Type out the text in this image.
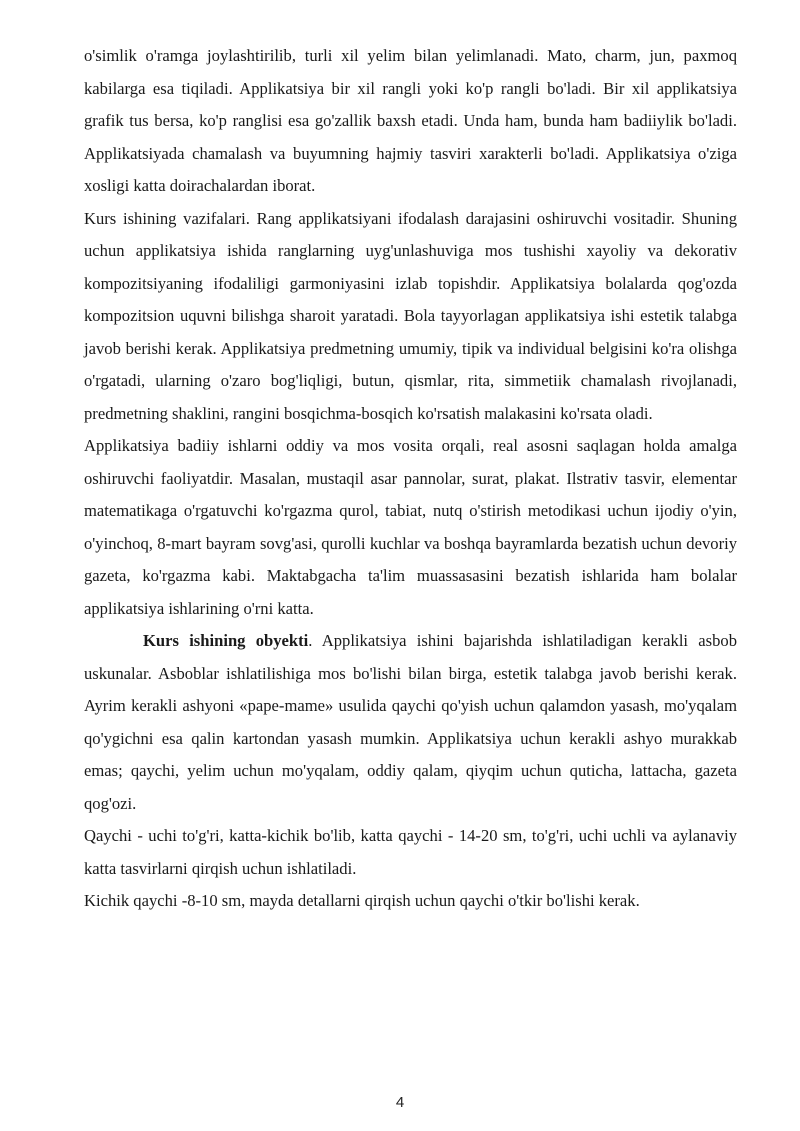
o'simlik o'ramga joylashtirilib, turli xil yelim bilan yelimlanadi. Mato, charm, jun, paxmoq kabilarga esa tiqiladi. Applikatsiya bir xil rangli yoki ko'p rangli bo'ladi. Bir xil applikatsiya grafik tus bersa, ko'p ranglisi esa go'zallik baxsh etadi. Unda ham, bunda ham badiiylik bo'ladi. Applikatsiyada chamalash va buyumning hajmiy tasviri xarakterli bo'ladi. Applikatsiya o'ziga xosligi katta doirachalardan iborat.

Kurs ishining vazifalari. Rang applikatsiyani ifodalash darajasini oshiruvchi vositadir. Shuning uchun applikatsiya ishida ranglarning uyg'unlashuviga mos tushishi xayoliy va dekorativ kompozitsiyaning ifodaliligi garmoniyasini izlab topishdir. Applikatsiya bolalarda qog'ozda kompozitsion uquvni bilishga sharoit yaratadi. Bola tayyorlagan applikatsiya ishi estetik talabga javob berishi kerak. Applikatsiya predmetning umumiy, tipik va individual belgisini ko'ra olishga o'rgatadi, ularning o'zaro bog'liqligi, butun, qismlar, rita, simmetiik chamalash rivojlanadi, predmetning shaklini, rangini bosqichma-bosqich ko'rsatish malakasini ko'rsata oladi.

Applikatsiya badiiy ishlarni oddiy va mos vosita orqali, real asosni saqlagan holda amalga oshiruvchi faoliyatdir. Masalan, mustaqil asar pannolar, surat, plakat. Ilstrativ tasvir, elementar matematikaga o'rgatuvchi ko'rgazma qurol, tabiat, nutq o'stirish metodikasi uchun ijodiy o'yin, o'yinchoq, 8-mart bayram sovg'asi, qurolli kuchlar va boshqa bayramlarda bezatish uchun devoriy gazeta, ko'rgazma kabi. Maktabgacha ta'lim muassasasini bezatish ishlarida ham bolalar applikatsiya ishlarining o'rni katta.

Kurs ishining obyekti. Applikatsiya ishini bajarishda ishlatiladigan kerakli asbob uskunalar. Asboblar ishlatilishiga mos bo'lishi bilan birga, estetik talabga javob berishi kerak. Ayrim kerakli ashyoni «pape-mame» usulida qaychi qo'yish uchun qalamdon yasash, mo'yqalam qo'ygichni esa qalin kartondan yasash mumkin. Applikatsiya uchun kerakli ashyo murakkab emas; qaychi, yelim uchun mo'yqalam, oddiy qalam, qiyqim uchun quticha, lattacha, gazeta qog'ozi.

Qaychi - uchi to'g'ri, katta-kichik bo'lib, katta qaychi - 14-20 sm, to'g'ri, uchi uchli va aylanaviy katta tasvirlarni qirqish uchun ishlatiladi.

Kichik qaychi -8-10 sm, mayda detallarni qirqish uchun qaychi o'tkir bo'lishi kerak.

4
